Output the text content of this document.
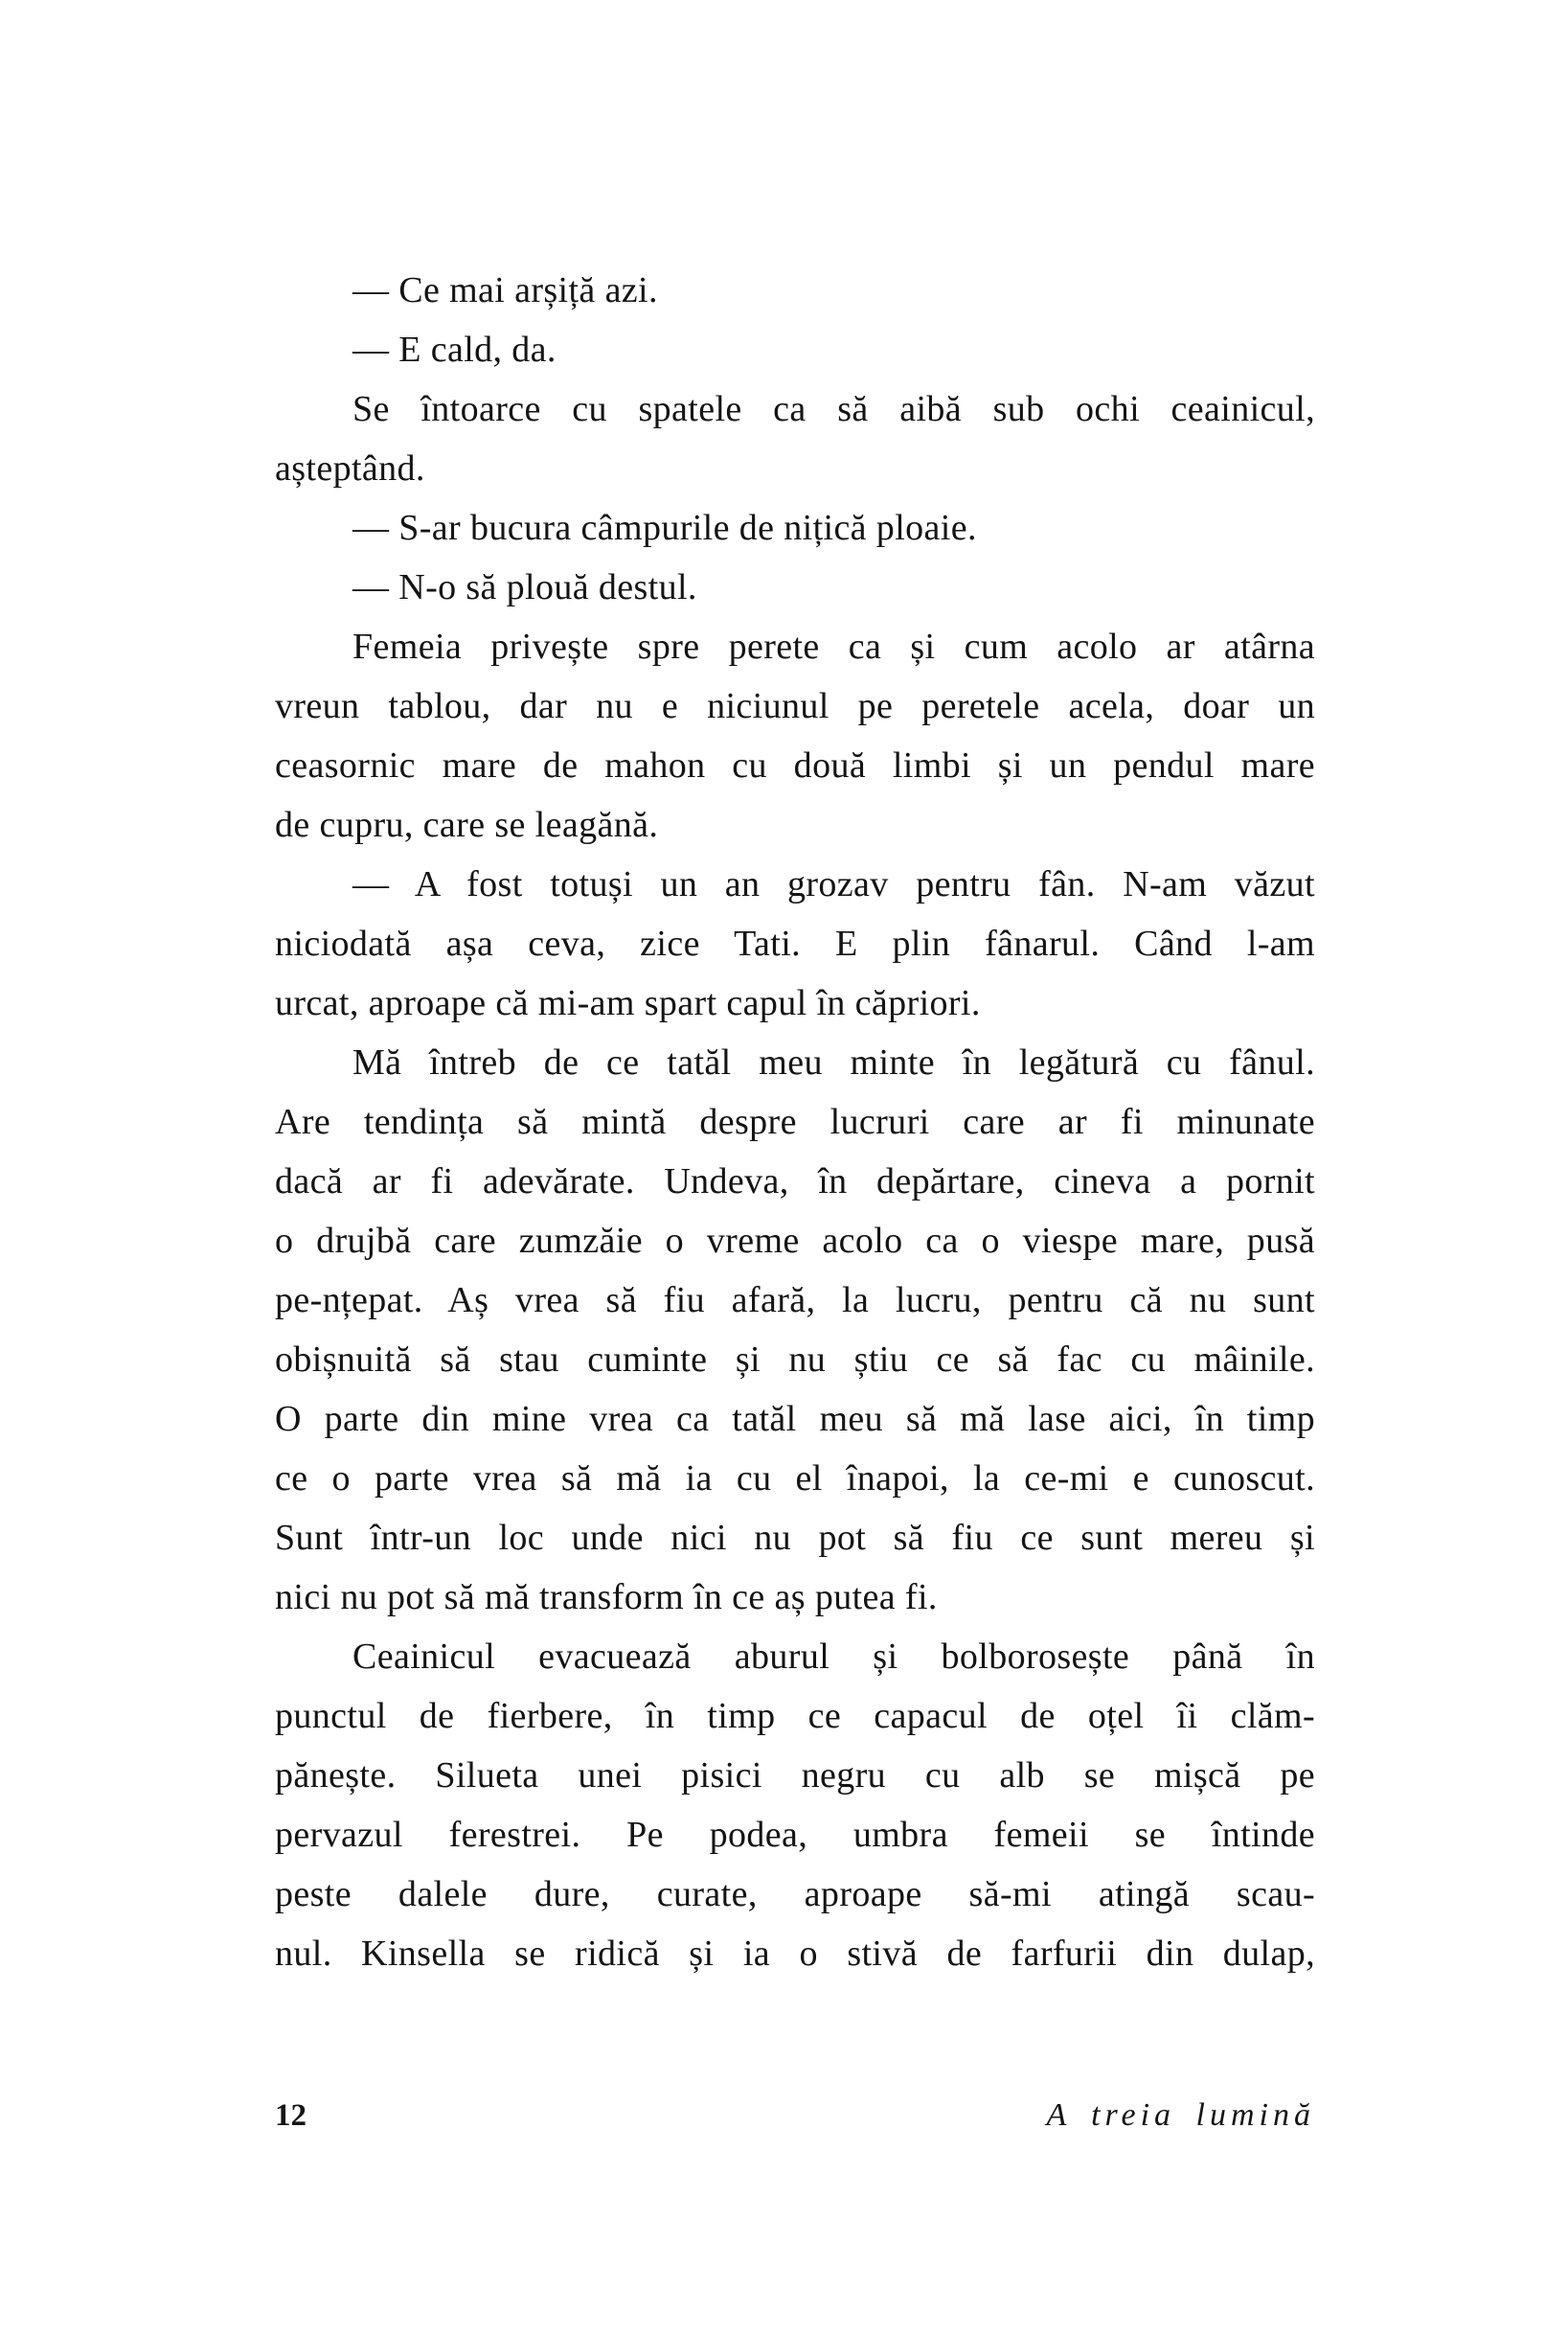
— Ce mai arșiță azi.
— E cald, da.
Se întoarce cu spatele ca să aibă sub ochi ceainicul,
așteptând.
— S-ar bucura câmpurile de nițică ploaie.
— N-o să plouă destul.
Femeia privește spre perete ca și cum acolo ar atârna
vreun tablou, dar nu e niciunul pe peretele acela, doar un
ceasornic mare de mahon cu două limbi și un pendul mare
de cupru, care se leagănă.
— A fost totuși un an grozav pentru fân. N-am văzut
niciodată așa ceva, zice Tati. E plin fânarul. Când l-am
urcat, aproape că mi-am spart capul în căpriori.
Mă întreb de ce tatăl meu minte în legătură cu fânul.
Are tendința să mintă despre lucruri care ar fi minunate
dacă ar fi adevărate. Undeva, în depărtare, cineva a pornit
o drujbă care zumzăie o vreme acolo ca o viespe mare, pusă
pe-nțepat. Aș vrea să fiu afară, la lucru, pentru că nu sunt
obișnuită să stau cuminte și nu știu ce să fac cu mâinile.
O parte din mine vrea ca tatăl meu să mă lase aici, în timp
ce o parte vrea să mă ia cu el înapoi, la ce-mi e cunoscut.
Sunt într-un loc unde nici nu pot să fiu ce sunt mereu și
nici nu pot să mă transform în ce aș putea fi.
Ceainicul evacuează aburul și bolborosește până în
punctul de fierbere, în timp ce capacul de oțel îi clăm-
pănește. Silueta unei pisici negru cu alb se mișcă pe
pervazul ferestrei. Pe podea, umbra femeii se întinde
peste dalele dure, curate, aproape să-mi atingă scau-
nul. Kinsella se ridică și ia o stivă de farfurii din dulap,
12	A treia lumină
